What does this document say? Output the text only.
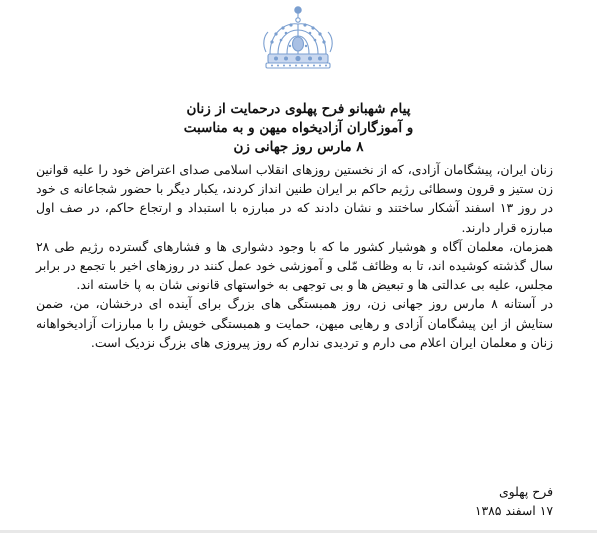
پیام شهبانو فرح پهلوی درحمایت از زنان
و آموزگاران آزادیخواه میهن و به مناسبت
۸ مارس روز جهانی زن

زنان ایران، پیشگامان آزادی، که از نخستین روزهای انقلاب اسلامی صدای اعتراض خود را علیه قوانین زن ستیز و قرون وسطائی رژیم حاکم بر ایران طنین انداز کردند، یکبار دیگر با حضور شجاعانه ی خود در روز ۱۳ اسفند آشکار ساختند و نشان دادند که در مبارزه با استبداد و ارتجاع حاکم، در صف اول مبارزه قرار دارند.

همزمان، معلمان آگاه و هوشیار کشور ما که با وجود دشواری ها و فشارهای گسترده رژیم طی ۲۸ سال گذشته کوشیده اند، تا به وظائف مّلی و آموزشی خود عمل کنند در روزهای اخیر با تجمع در برابر مجلس، علیه بی عدالتی ها و تبعیض ها و بی توجهی به خواستهای قانونی شان به پا خاسته اند.

در آستانه ۸ مارس روز جهانی زن، روز همبستگی های بزرگ برای آینده ای درخشان، من، ضمن ستایش از این پیشگامان آزادی و رهایی میهن، حمایت و همبستگی خویش را با مبارزات آزادیخواهانه زنان و معلمان ایران اعلام می دارم و تردیدی ندارم که روز پیروزی های بزرگ نزدیک است.

فرح پهلوی
۱۷ اسفند ۱۳۸۵
